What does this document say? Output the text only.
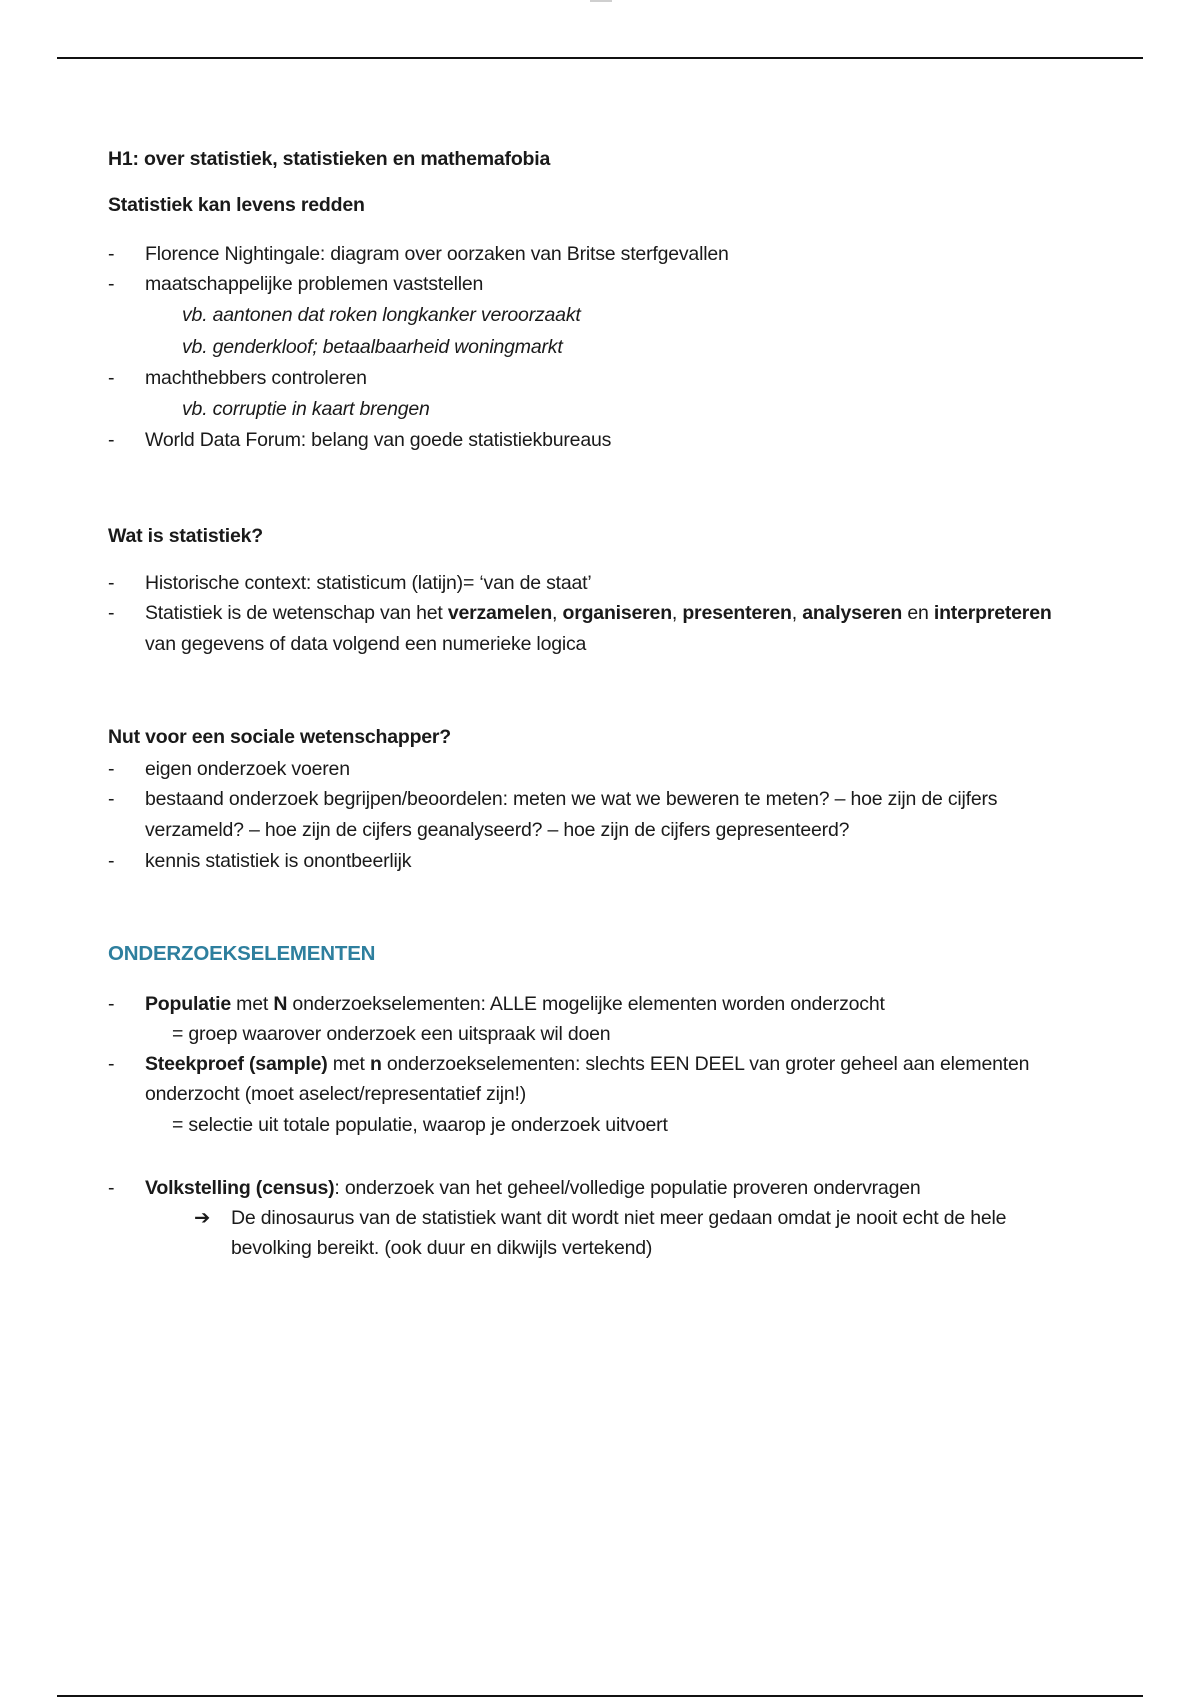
H1: over statistiek, statistieken en mathemafobia
Statistiek kan levens redden
- Florence Nightingale: diagram over oorzaken van Britse sterfgevallen
- maatschappelijke problemen vaststellen
vb. aantonen dat roken longkanker veroorzaakt
vb. genderkloof; betaalbaarheid woningmarkt
- machthebbers controleren
vb. corruptie in kaart brengen
- World Data Forum: belang van goede statistiekbureaus
Wat is statistiek?
- Historische context: statisticum (latijn)= ‘van de staat’
- Statistiek is de wetenschap van het verzamelen, organiseren, presenteren, analyseren en interpreteren
van gegevens of data volgend een numerieke logica
Nut voor een sociale wetenschapper?
- eigen onderzoek voeren
- bestaand onderzoek begrijpen/beoordelen: meten we wat we beweren te meten? – hoe zijn de cijfers
verzameld? – hoe zijn de cijfers geanalyseerd? – hoe zijn de cijfers gepresenteerd?
- kennis statistiek is onontbeerlijk
ONDERZOEKSELEMENTEN
- Populatie met N onderzoekselementen: ALLE mogelijke elementen worden onderzocht
= groep waarover onderzoek een uitspraak wil doen
- Steekproef (sample) met n onderzoekselementen: slechts EEN DEEL van groter geheel aan elementen
onderzocht (moet aselect/representatief zijn!)
= selectie uit totale populatie, waarop je onderzoek uitvoert
- Volkstelling (census): onderzoek van het geheel/volledige populatie proveren ondervragen
➔ De dinosaurus van de statistiek want dit wordt niet meer gedaan omdat je nooit echt de hele
bevolking bereikt. (ook duur en dikwijls vertekend)
